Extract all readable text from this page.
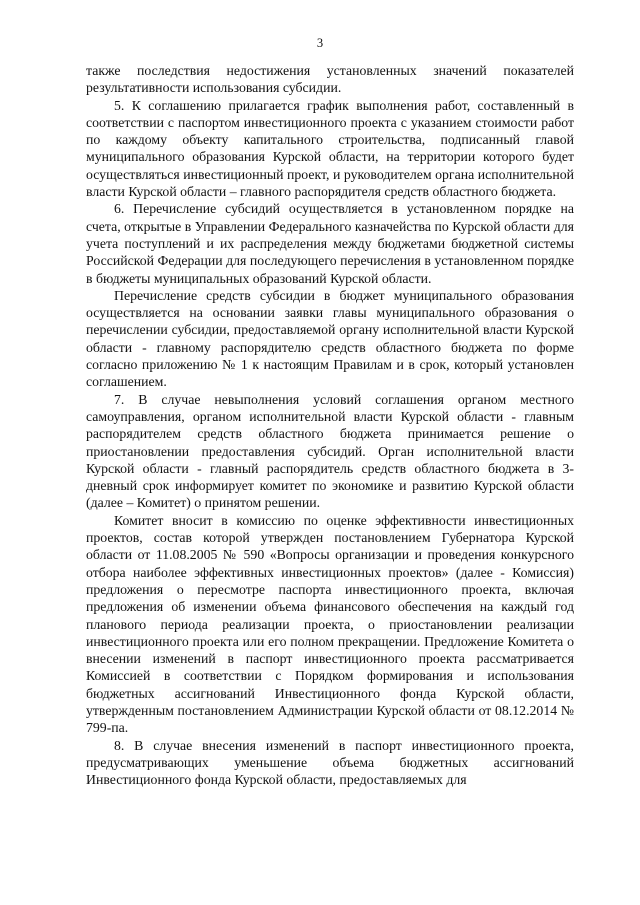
3

также последствия недостижения установленных значений показателей результативности использования субсидии.

5. К соглашению прилагается график выполнения работ, составленный в соответствии с паспортом инвестиционного проекта с указанием стоимости работ по каждому объекту капитального строительства, подписанный главой муниципального образования Курской области, на территории которого будет осуществляться инвестиционный проект, и руководителем органа исполнительной власти Курской области – главного распорядителя средств областного бюджета.

6. Перечисление субсидий осуществляется в установленном порядке на счета, открытые в Управлении Федерального казначейства по Курской области для учета поступлений и их распределения между бюджетами бюджетной системы Российской Федерации для последующего перечисления в установленном порядке в бюджеты муниципальных образований Курской области.

Перечисление средств субсидии в бюджет муниципального образования осуществляется на основании заявки главы муниципального образования о перечислении субсидии, предоставляемой органу исполнительной власти Курской области - главному распорядителю средств областного бюджета по форме согласно приложению № 1 к настоящим Правилам и в срок, который установлен соглашением.

7. В случае невыполнения условий соглашения органом местного самоуправления, органом исполнительной власти Курской области - главным распорядителем средств областного бюджета принимается решение о приостановлении предоставления субсидий. Орган исполнительной власти Курской области - главный распорядитель средств областного бюджета в 3-дневный срок информирует комитет по экономике и развитию Курской области (далее – Комитет) о принятом решении.

Комитет вносит в комиссию по оценке эффективности инвестиционных проектов, состав которой утвержден постановлением Губернатора Курской области от 11.08.2005 № 590 «Вопросы организации и проведения конкурсного отбора наиболее эффективных инвестиционных проектов» (далее - Комиссия) предложения о пересмотре паспорта инвестиционного проекта, включая предложения об изменении объема финансового обеспечения на каждый год планового периода реализации проекта, о приостановлении реализации инвестиционного проекта или его полном прекращении. Предложение Комитета о внесении изменений в паспорт инвестиционного проекта рассматривается Комиссией в соответствии с Порядком формирования и использования бюджетных ассигнований Инвестиционного фонда Курской области, утвержденным постановлением Администрации Курской области от 08.12.2014 № 799-па.

8. В случае внесения изменений в паспорт инвестиционного проекта, предусматривающих уменьшение объема бюджетных ассигнований Инвестиционного фонда Курской области, предоставляемых для
